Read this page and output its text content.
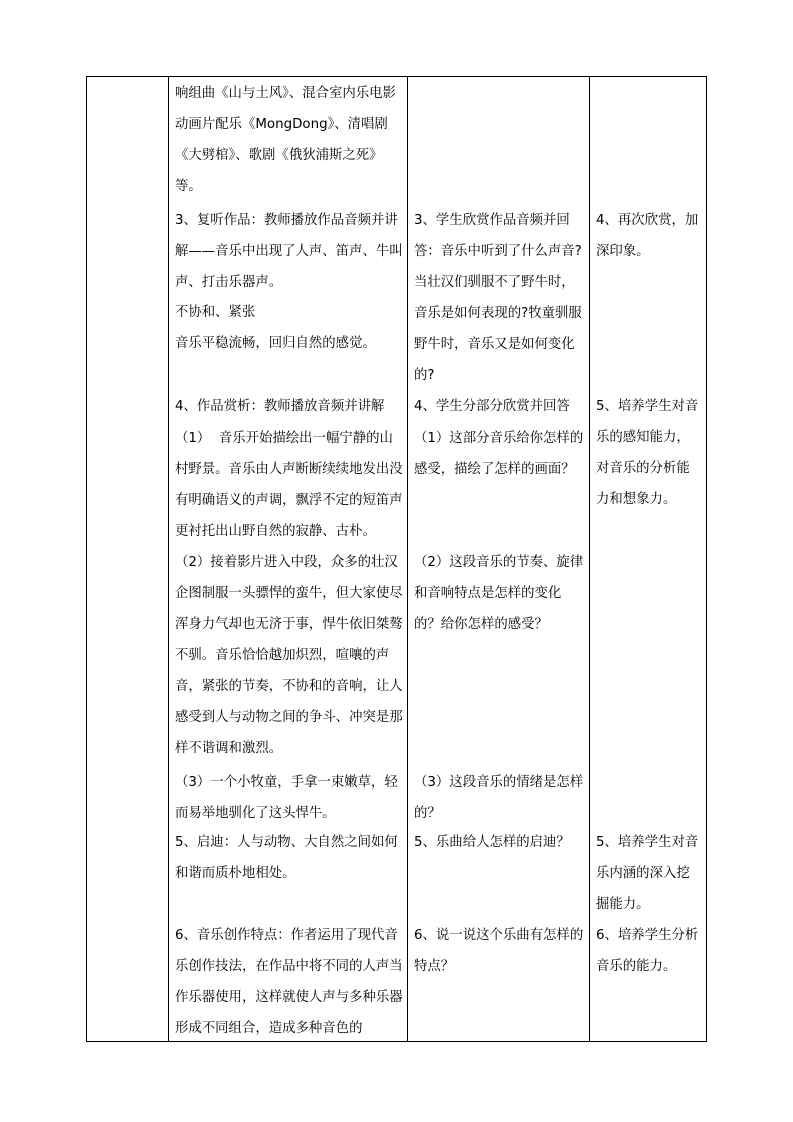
响组曲《山与土风》、混合室内乐电影动画片配乐《MongDong》、清唱剧《大劈棺》、歌剧《俄狄浦斯之死》等。
3、复听作品：教师播放作品音频并讲解——音乐中出现了人声、笛声、牛叫声、打击乐器声。
不协和、紧张
音乐平稳流畅，回归自然的感觉。
4、作品赏析：教师播放音频并讲解
（1）  音乐开始描绘出一幅宁静的山村野景。音乐由人声断断续续地发出没有明确语义的声调，飘浮不定的短笛声更衬托出山野自然的寂静、古朴。
（2）接着影片进入中段，众多的壮汉企图制服一头骠悍的蛮牛，但大家使尽浑身力气却也无济于事，悍牛依旧桀骜不驯。音乐恰恰越加炽烈，喧嚷的声音，紧张的节奏，不协和的音响，让人感受到人与动物之间的争斗、冲突是那样不谐调和激烈。
（3）一个小牧童，手拿一束嫩草，轻而易举地驯化了这头悍牛。
5、启迪：人与动物、大自然之间如何和谐而质朴地相处。
6、音乐创作特点：作者运用了现代音乐创作技法，在作品中将不同的人声当作乐器使用，这样就使人声与多种乐器形成不同组合，造成多种音色的
3、学生欣赏作品音频并回答：音乐中听到了什么声音?当壮汉们驯服不了野牛时，音乐是如何表现的?牧童驯服野牛时，音乐又是如何变化的?
4、学生分部分欣赏并回答
（1）这部分音乐给你怎样的感受，描绘了怎样的画面？
（2）这段音乐的节奏、旋律和音响特点是怎样的变化的？给你怎样的感受？
（3）这段音乐的情绪是怎样的？
5、乐曲给人怎样的启迪？
6、说一说这个乐曲有怎样的特点？
4、再次欣赏，加深印象。
5、培养学生对音乐的感知能力，对音乐的分析能力和想象力。
5、培养学生对音乐内涵的深入挖掘能力。
6、培养学生分析音乐的能力。
